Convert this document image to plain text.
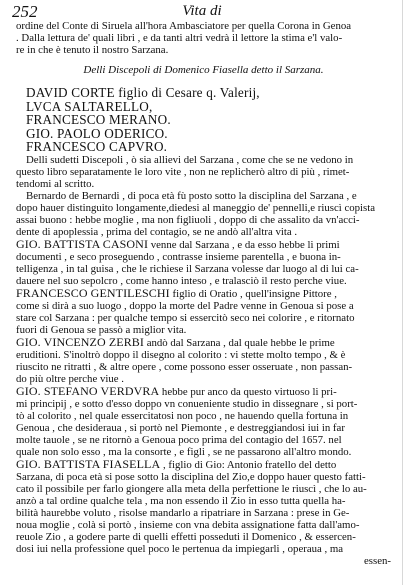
252	Vita di
ordine del Conte di Siruela all'hora Ambasciatore per quella Corona in Genoa
. Dalla lettura de' quali libri , e da tanti altri vedrà il lettore la stima e'l valo-
re in che è tenuto il nostro Sarzana.
Delli Discepoli di Domenico Fiasella detto il Sarzana.
DAVID CORTE figlio di Cesare q. Valerij,
LVCA SALTARELLO,
FRANCESCO MERANO.
GIO. PAOLO ODERICO.
FRANCESCO CAPVRO.
Delli sudetti Discepoli , ò sia allievi del Sarzana , come che se ne vedono in
questo libro separatamente le loro vite , non ne replicherò altro di più , rimet-
tendomi al scritto.
Bernardo de Bernardi , di poca età fù posto sotto la disciplina del Sarzana , e
dopo hauer distinguito longamente,diedesi al maneggio de' pennelli,e riuscì copista
assai buono : hebbe moglie , ma non figliuoli , doppo di che assalito da vn'acci-
dente di apoplessia , prima del contagio, se ne andò all'altra vita .
GIO. BATTISTA CASONI venne dal Sarzana , e da esso hebbe li primi
documenti , e seco proseguendo , contrasse insieme parentella , e buona in-
telligenza , in tal guisa , che le richiese il Sarzana volesse dar luogo al di lui ca-
dauere nel suo sepolcro , come hanno inteso , e tralasciò il resto perche viue.
FRANCESCO GENTILESCHI figlio di Oratio , quell'insigne Pittore ,
come si dirà a suo luogo , doppo la morte del Padre venne in Genoua si pose a
stare col Sarzana : per qualche tempo si essercitò seco nei colorire , e ritornato
fuori di Genoua se passò a miglior vita.
GIO. VINCENZO ZERBI andò dal Sarzana , dal quale hebbe le prime
eruditioni. S'inoltrò doppo il disegno al colorito : vi stette molto tempo , & è
riuscito ne ritratti , & altre opere , come possono esser osseruate , non passan-
do più oltre perche viue .
GIO. STEFANO VERDVRA hebbe pur anco da questo virtuoso li pri-
mi principij , e sotto d'esso doppo vn conueniente studio in dissegnare , si port-
tò al colorito , nel quale essercitatosi non poco , ne hauendo quella fortuna in
Genoua , che desideraua , si portò nel Piemonte , e destreggiandosi iui in far
molte tauole , se ne ritornò a Genoua poco prima del contagio del 1657. nel
quale non solo esso , ma la consorte , e figli , se ne passarono all'altro mondo.
GIO. BATTISTA FIASELLA , figlio di Gio: Antonio fratello del detto
Sarzana, di poca età si pose sotto la disciplina del Zio,e doppo hauer questo fatti-
cato il possibile per farlo giongere alla meta della perfettione le riuscì , che lo au-
anzò a tal ordine qualche tela , ma non essendo il Zio in esso tutta quella ha-
bilità haurebbe voluto , risolse mandarlo a ripatriare in Sarzana : prese in Ge-
noua moglie , colà si portò , insieme con vna debita assignatione fatta dall'amo-
reuole Zio , a godere parte di quelli effetti posseduti il Domenico , & essercen-
dosi iui nella professione quel poco le pertenua da impiegarli , operaua , ma
essen-
